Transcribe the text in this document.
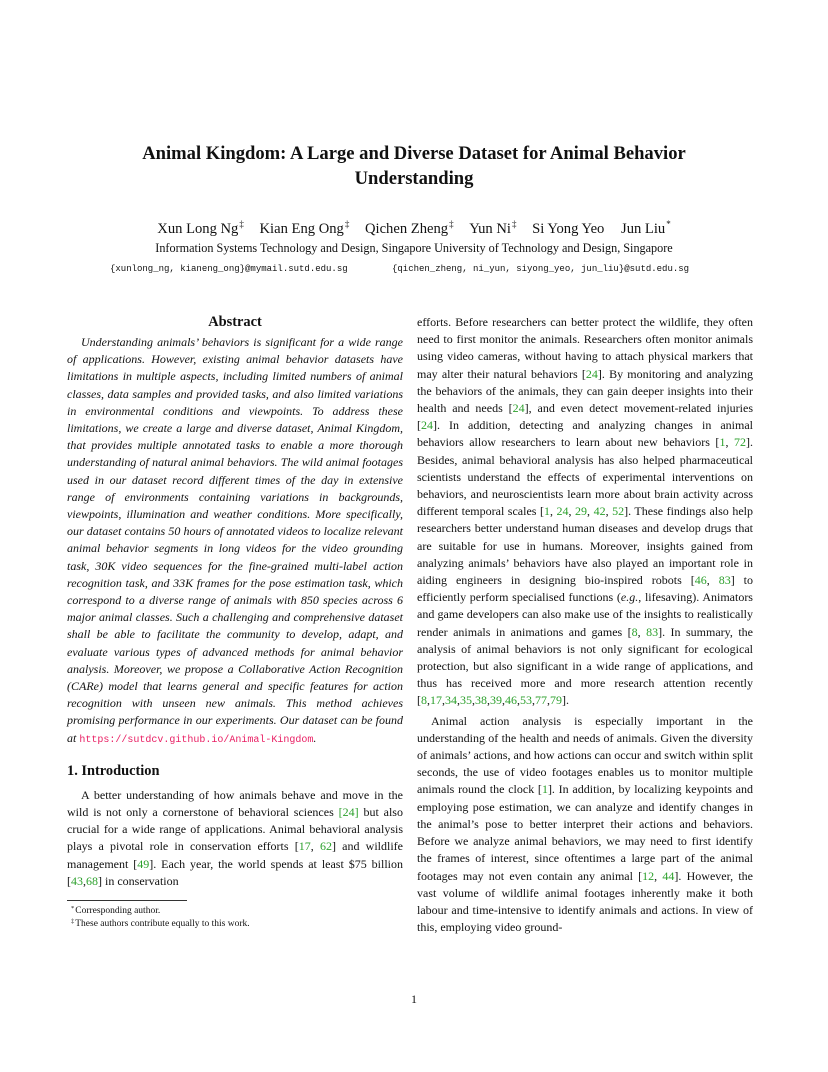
Animal Kingdom: A Large and Diverse Dataset for Animal Behavior
Understanding
Xun Long Ng‡ Kian Eng Ong‡ Qichen Zheng‡ Yun Ni‡ Si Yong Yeo Jun Liu*
Information Systems Technology and Design, Singapore University of Technology and Design, Singapore
{xunlong_ng, kianeng_ong}@mymail.sutd.edu.sg	{qichen_zheng, ni_yun, siyong_yeo, jun_liu}@sutd.edu.sg
Abstract

Understanding animals’ behaviors is significant for a wide range of applications. However, existing animal behavior datasets have limitations in multiple aspects, including limited numbers of animal classes, data samples and provided tasks, and also limited variations in environmental conditions and viewpoints. To address these limitations, we create a large and diverse dataset, Animal Kingdom, that provides multiple annotated tasks to enable a more thorough understanding of natural animal behaviors. The wild animal footages used in our dataset record different times of the day in extensive range of environments containing variations in backgrounds, viewpoints, illumination and weather conditions. More specifically, our dataset contains 50 hours of annotated videos to localize relevant animal behavior segments in long videos for the video grounding task, 30K video sequences for the fine-grained multi-label action recognition task, and 33K frames for the pose estimation task, which correspond to a diverse range of animals with 850 species across 6 major animal classes. Such a challenging and comprehensive dataset shall be able to facilitate the community to develop, adapt, and evaluate various types of advanced methods for animal behavior analysis. Moreover, we propose a Collaborative Action Recognition (CARe) model that learns general and specific features for action recognition with unseen new animals. This method achieves promising performance in our experiments. Our dataset can be found at https://sutdcv.github.io/Animal-Kingdom.

1. Introduction

A better understanding of how animals behave and move in the wild is not only a cornerstone of behavioral sciences [24] but also crucial for a wide range of applications. Animal behavioral analysis plays a pivotal role in conservation efforts [17, 62] and wildlife management [49]. Each year, the world spends at least $75 billion [43,68] in conservation

*Corresponding author.
‡These authors contribute equally to this work.

efforts. Before researchers can better protect the wildlife, they often need to first monitor the animals. Researchers often monitor animals using video cameras, without having to attach physical markers that may alter their natural behaviors [24]. By monitoring and analyzing the behaviors of the animals, they can gain deeper insights into their health and needs [24], and even detect movement-related injuries [24]. In addition, detecting and analyzing changes in animal behaviors allow researchers to learn about new behaviors [1, 72]. Besides, animal behavioral analysis has also helped pharmaceutical scientists understand the effects of experimental interventions on behaviors, and neuroscientists learn more about brain activity across different temporal scales [1, 24, 29, 42, 52]. These findings also help researchers better understand human diseases and develop drugs that are suitable for use in humans. Moreover, insights gained from analyzing animals’ behaviors have also played an important role in aiding engineers in designing bio-inspired robots [46, 83] to efficiently perform specialised functions (e.g., lifesaving). Animators and game developers can also make use of the insights to realistically render animals in animations and games [8, 83]. In summary, the analysis of animal behaviors is not only significant for ecological protection, but also significant in a wide range of applications, and thus has received more and more research attention recently [8,17,34,35,38,39,46,53,77,79].

Animal action analysis is especially important in the understanding of the health and needs of animals. Given the diversity of animals’ actions, and how actions can occur and switch within split seconds, the use of video footages enables us to monitor multiple animals round the clock [1]. In addition, by localizing keypoints and employing pose estimation, we can analyze and identify changes in the animal’s pose to better interpret their actions and behaviors. Before we analyze animal behaviors, we may need to first identify the frames of interest, since oftentimes a large part of the animal footages may not even contain any animal [12, 44]. However, the vast volume of wildlife animal footages inherently make it both labour and time-intensive to identify animals and actions. In view of this, employing video ground-

1
